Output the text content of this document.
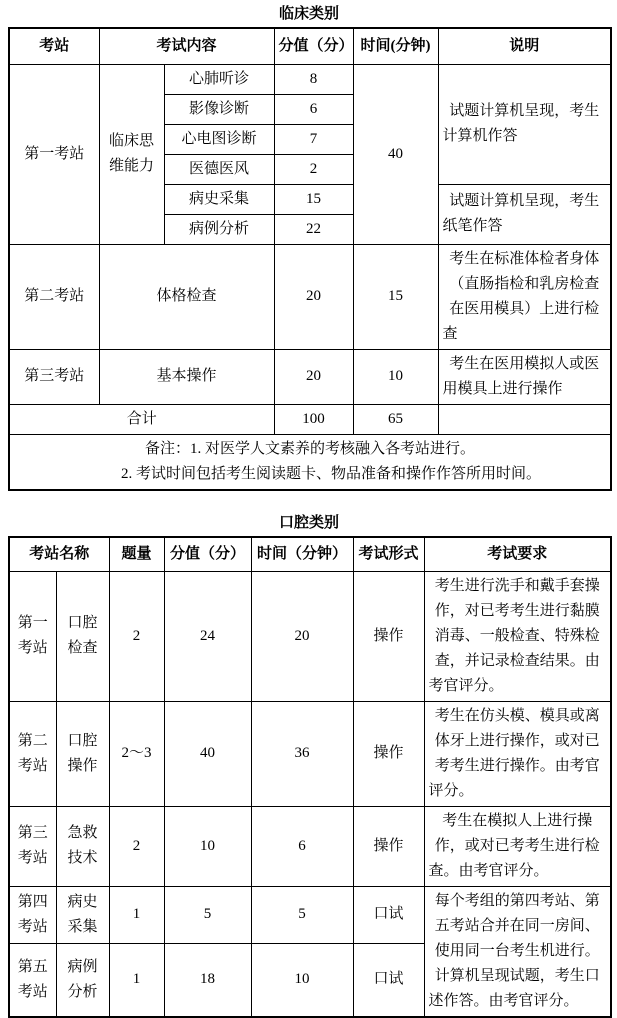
临床类别
考站	考试内容		分值（分）	时间(分钟)	说明
第一考站	临床思维能力	心肺听诊	8	40	试题计算机呈现，考生计算机作答
		影像诊断	6		
		心电图诊断	7		
		医德医风	2		
		病史采集	15		试题计算机呈现，考生纸笔作答
		病例分析	22		
第二考站	体格检查		20	15	考生在标准体检者身体（直肠指检和乳房检查在医用模具）上进行检查
第三考站	基本操作		20	10	考生在医用模拟人或医用模具上进行操作
合计			100	65	

备注：1. 对医学人文素养的考核融入各考站进行。
2. 考试时间包括考生阅读题卡、物品准备和操作作答所用时间。					
口腔类别
考站名称		题量	分值（分）	时间（分钟）	考试形式	考试要求
第一考站	口腔检查	2	24	20	操作	考生进行洗手和戴手套操作，对已考考生进行黏膜消毒、一般检查、特殊检查，并记录检查结果。由考官评分。
第二考站	口腔操作	2～3	40	36	操作	考生在仿头模、模具或离体牙上进行操作，或对已考考生进行操作。由考官评分。
第三考站	急救技术	2	10	6	操作	考生在模拟人上进行操作，或对已考考生进行检查。由考官评分。
第四考站	病史采集	1	5	5	口试	每个考组的第四考站、第五考站合并在同一房间、使用同一台考生机进行。计算机呈现试题，考生口述作答。由考官评分。
第五考站	病例分析	1	18	10	口试	
